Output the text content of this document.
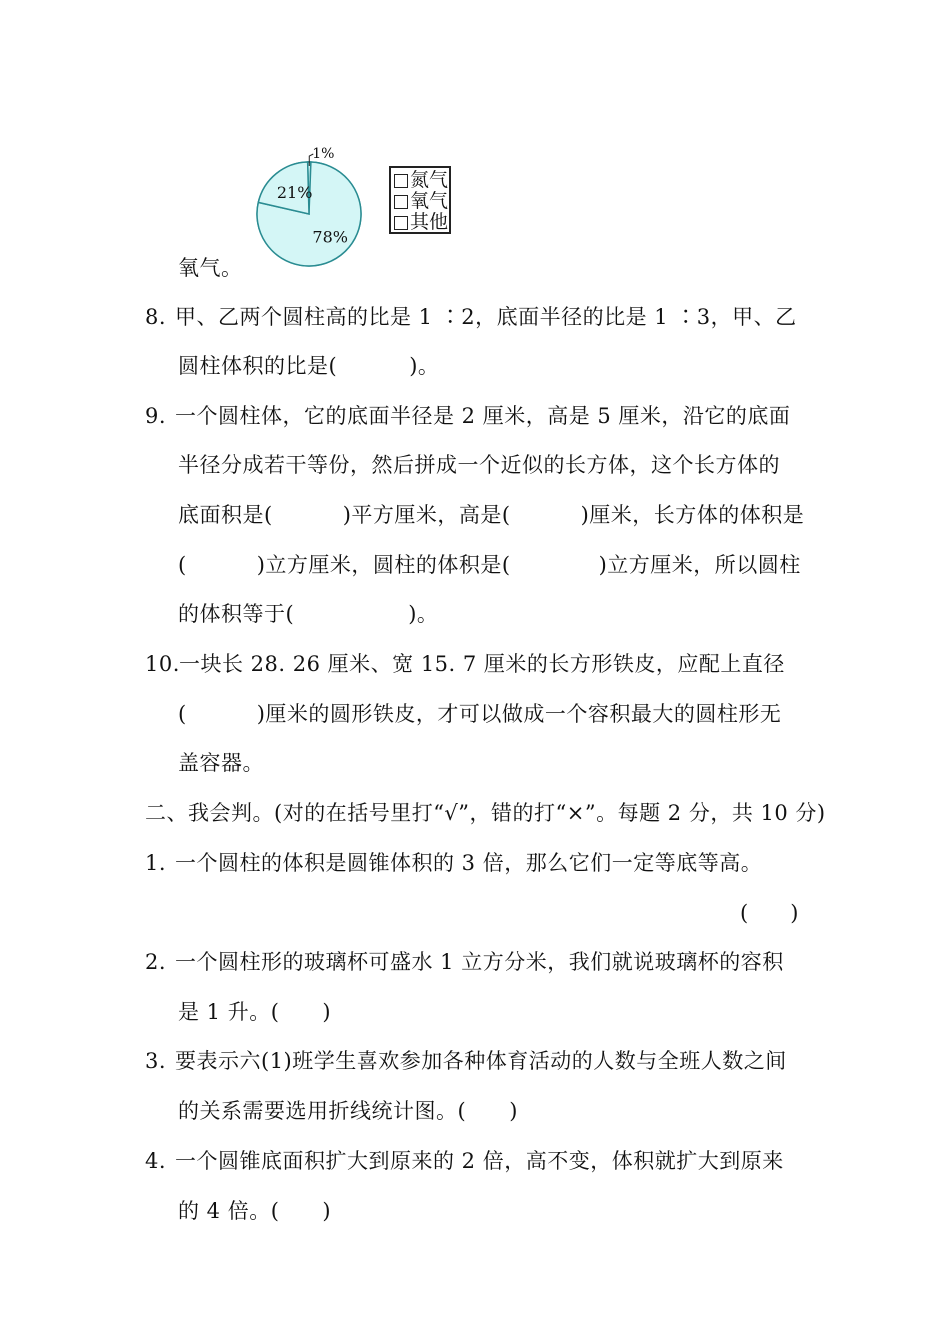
1%
78%
21%
氮气
氧气
其他
氧气。
8. 甲、乙两个圆柱高的比是 1 ∶2，底面半径的比是 1 ∶3，甲、乙
圆柱体积的比是(	)。
9. 一个圆柱体，它的底面半径是 2 厘米，高是 5 厘米，沿它的底面
半径分成若干等份，然后拼成一个近似的长方体，这个长方体的
底面积是(	)平方厘米，高是(	)厘米，长方体的体积是
(	)立方厘米，圆柱的体积是(	)立方厘米，所以圆柱
的体积等于(	)。
10.一块长 28. 26 厘米、宽 15. 7 厘米的长方形铁皮，应配上直径
(	)厘米的圆形铁皮，才可以做成一个容积最大的圆柱形无
盖容器。
二、我会判。(对的在括号里打“√”，错的打“×”。每题 2 分，共 10 分)
1. 一个圆柱的体积是圆锥体积的 3 倍，那么它们一定等底等高。
(　　)
2. 一个圆柱形的玻璃杯可盛水 1 立方分米，我们就说玻璃杯的容积
是 1 升。(　　)
3. 要表示六(1)班学生喜欢参加各种体育活动的人数与全班人数之间
的关系需要选用折线统计图。(　　)
4. 一个圆锥底面积扩大到原来的 2 倍，高不变，体积就扩大到原来
的 4 倍。(　　)
